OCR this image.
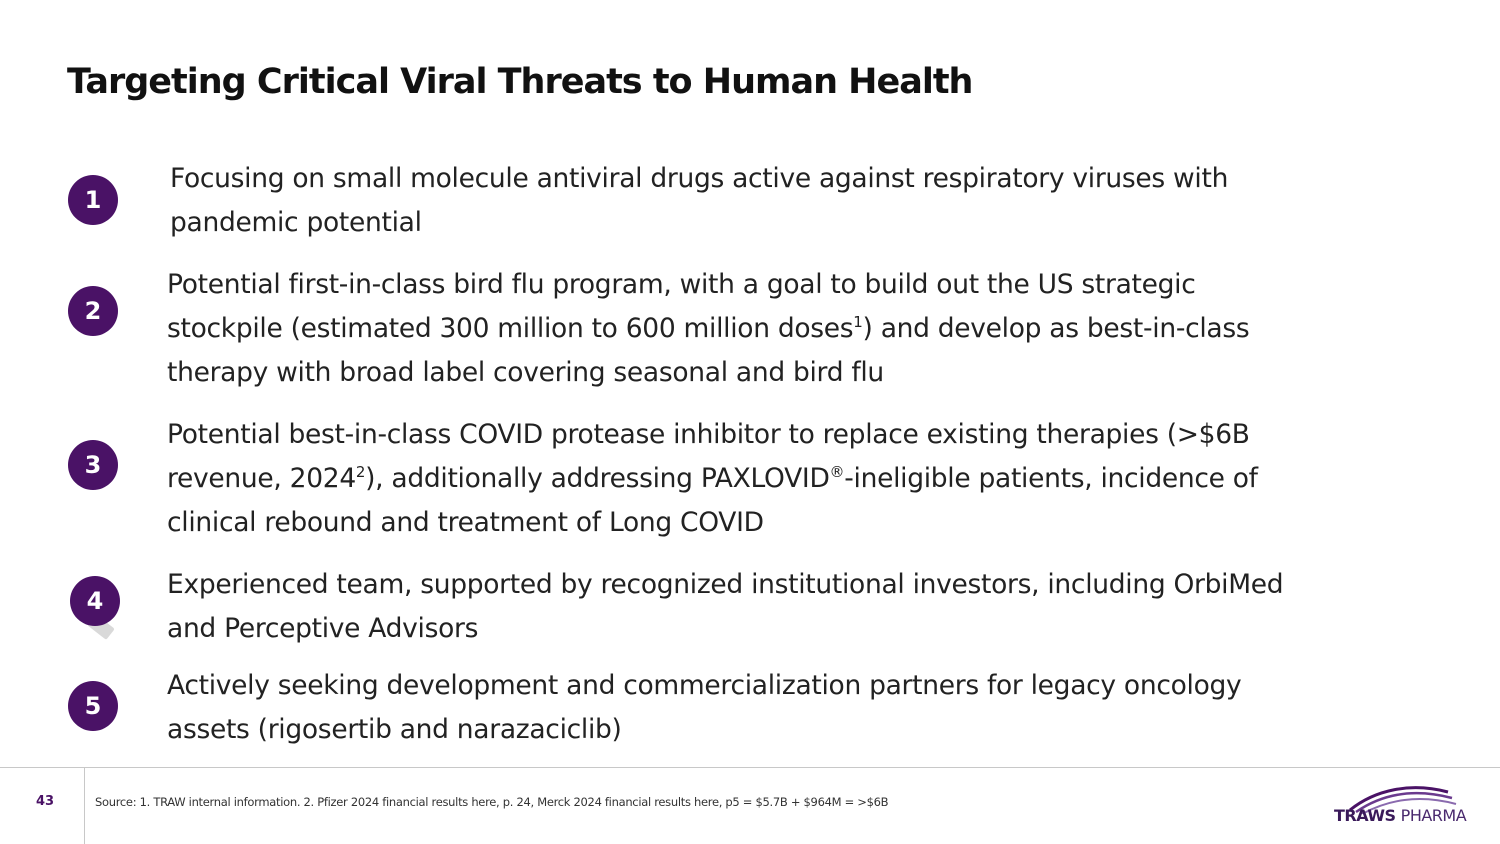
Targeting Critical Viral Threats to Human Health
1

Focusing on small molecule antiviral drugs active against respiratory viruses with
pandemic potential

2

Potential first-in-class bird flu program, with a goal to build out the US strategic
stockpile (estimated 300 million to 600 million doses$^1$) and develop as best-in-class
therapy with broad label covering seasonal and bird flu

3

Potential best-in-class COVID protease inhibitor to replace existing therapies (>$6B
revenue, 2024$^2$), additionally addressing PAXLOVID®-ineligible patients, incidence of
clinical rebound and treatment of Long COVID

4

Experienced team, supported by recognized institutional investors, including OrbiMed
and Perceptive Advisors

5

Actively seeking development and commercialization partners for legacy oncology
assets (rigosertib and narazaciclib)

43	Source: 1. TRAW internal information. 2. Pfizer 2024 financial results here, p. 24, Merck 2024 financial results here, p5 = $5.7B + $964M = >$6B
TRAWS PHARMA
